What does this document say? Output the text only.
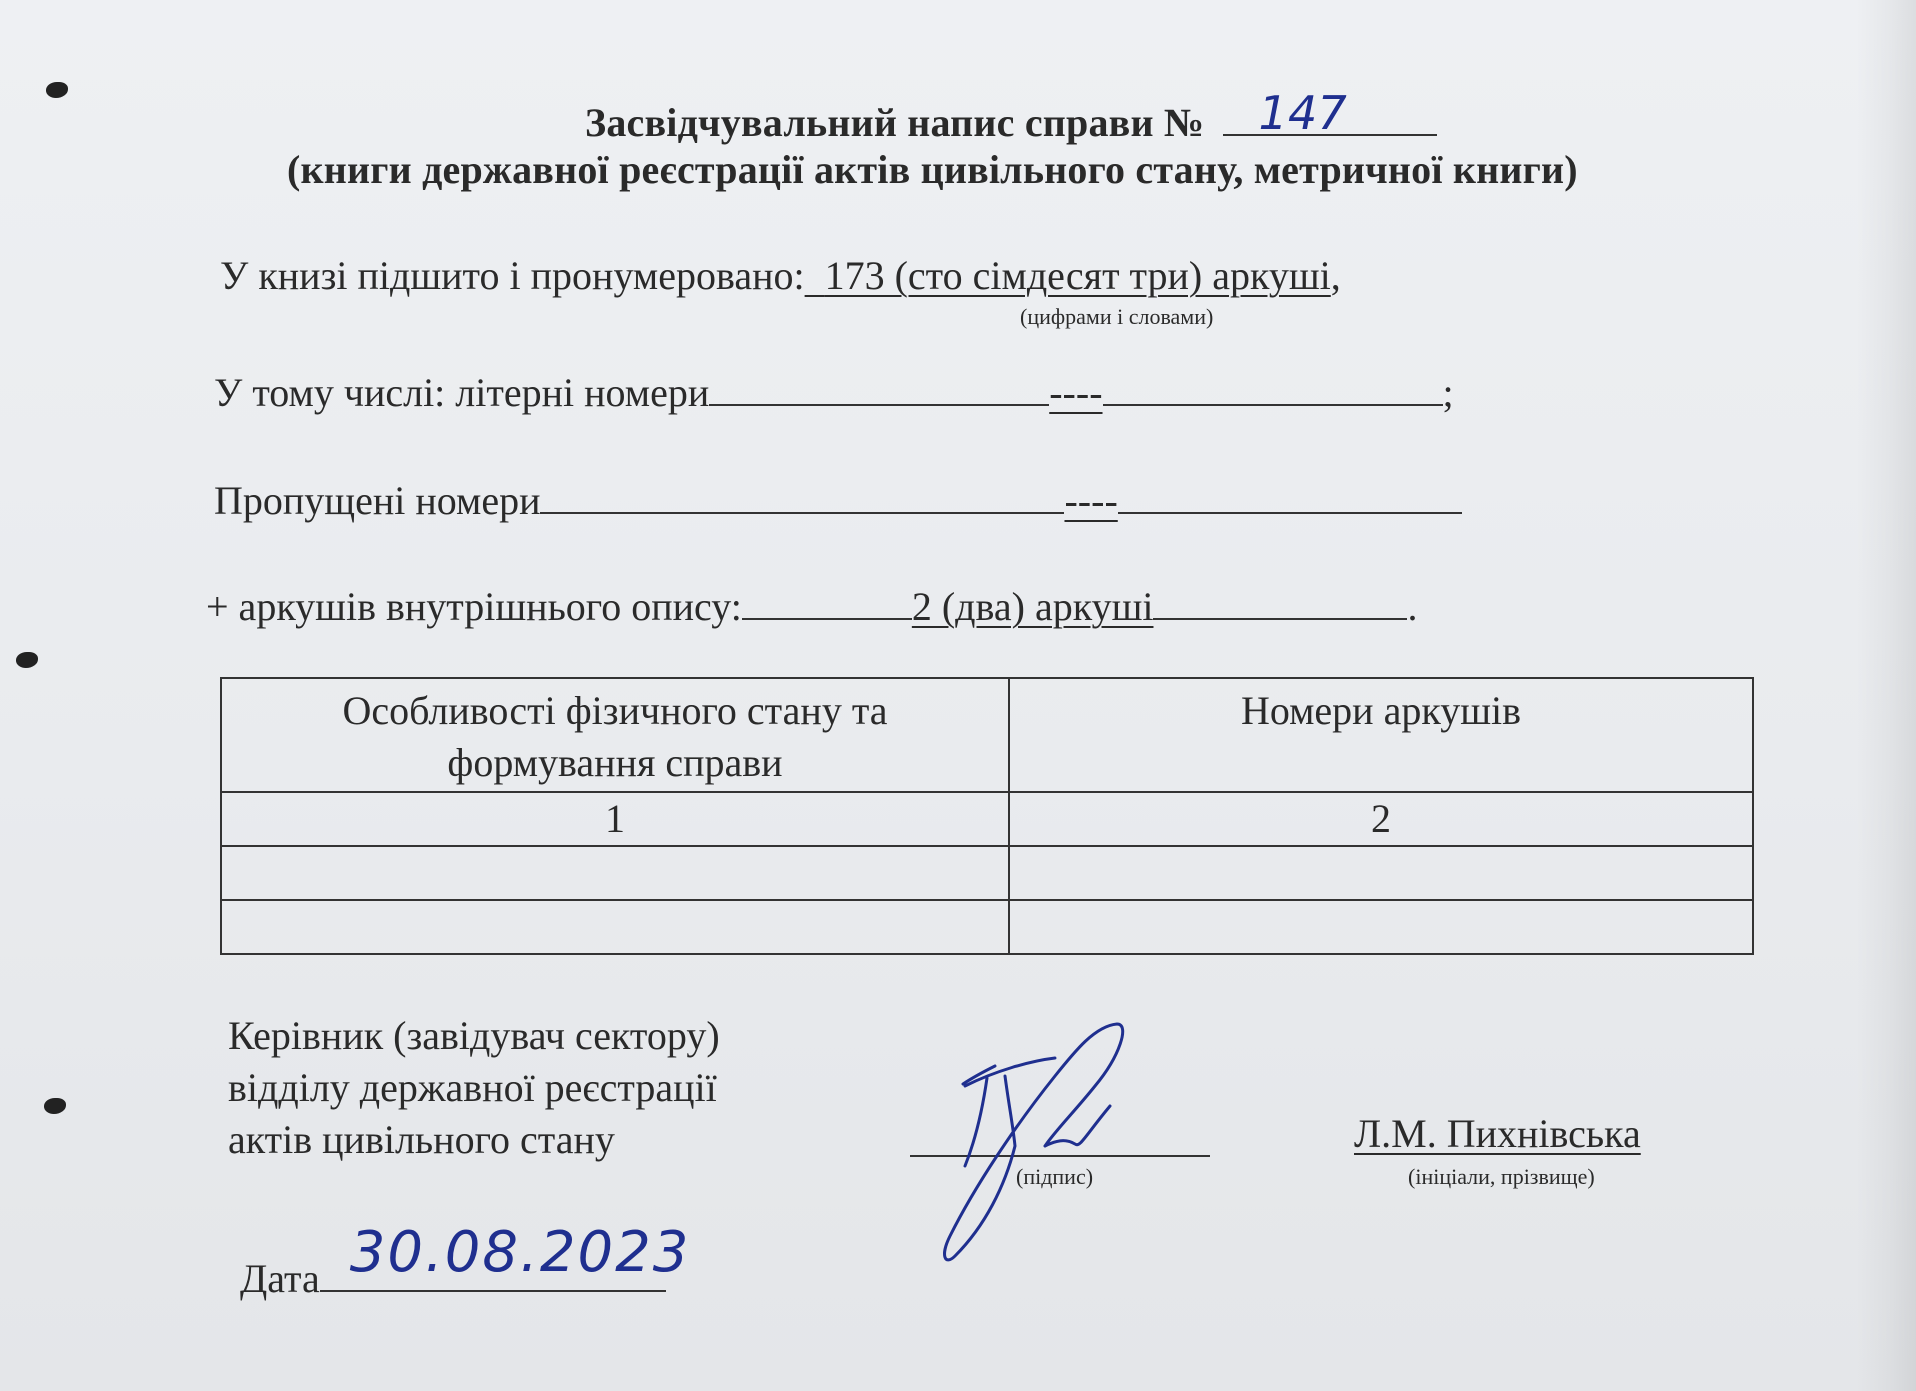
Засвідчувальний напис справи № 147
(книги державної реєстрації актів цивільного стану, метричної книги)
У книзі підшито і пронумеровано: 173 (сто сімдесят три) аркуші,
(цифрами і словами)
У тому числі: літерні номери	----	;
Пропущені номери	----
+ аркушів внутрішнього опису:	2 (два) аркуші	.
Особливості фізичного стану та
формування справи	Номери аркушів
1	2

Керівник (завідувач сектору)
відділу державної реєстрації
актів цивільного стану
(підпис)
Л.М. Пихнівська
(ініціали, прізвище)
Дата 30.08.2023
